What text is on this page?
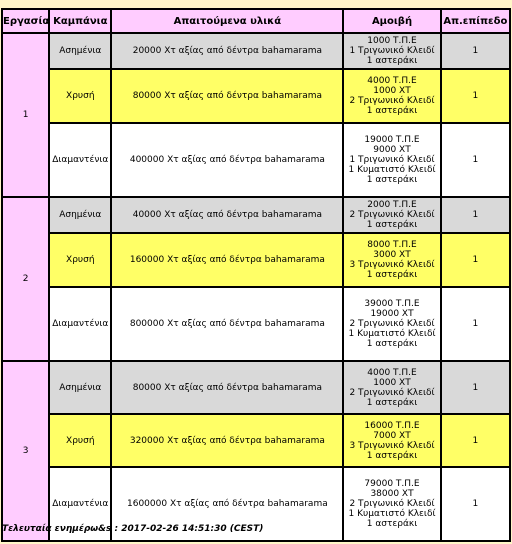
Εργασία	Καμπάνια	Απαιτούμενα υλικά	Αμοιβή	Απ.επίπεδο
1	Ασημένια	20000 Χτ αξίας από δέντρα bahamarama	1000 Τ.Π.Ε
1 Τριγωνικό Κλειδί
1 αστεράκι	1
	Χρυσή	80000 Χτ αξίας από δέντρα bahamarama	4000 Τ.Π.Ε
1000 ΧΤ
2 Τριγωνικό Κλειδί
1 αστεράκι	1
	Διαμαντένια	400000 Χτ αξίας από δέντρα bahamarama	19000 Τ.Π.Ε
9000 ΧΤ
1 Τριγωνικό Κλειδί
1 Κυματιστό Κλειδί
1 αστεράκι	1
2	Ασημένια	40000 Χτ αξίας από δέντρα bahamarama	2000 Τ.Π.Ε
2 Τριγωνικό Κλειδί
1 αστεράκι	1
	Χρυσή	160000 Χτ αξίας από δέντρα bahamarama	8000 Τ.Π.Ε
3000 ΧΤ
3 Τριγωνικό Κλειδί
1 αστεράκι	1
	Διαμαντένια	800000 Χτ αξίας από δέντρα bahamarama	39000 Τ.Π.Ε
19000 ΧΤ
2 Τριγωνικό Κλειδί
1 Κυματιστό Κλειδί
1 αστεράκι	1
3	Ασημένια	80000 Χτ αξίας από δέντρα bahamarama	4000 Τ.Π.Ε
1000 ΧΤ
2 Τριγωνικό Κλειδί
1 αστεράκι	1
	Χρυσή	320000 Χτ αξίας από δέντρα bahamarama	16000 Τ.Π.Ε
7000 ΧΤ
3 Τριγωνικό Κλειδί
1 αστεράκι	1
	Διαμαντένια	1600000 Χτ αξίας από δέντρα bahamarama	79000 Τ.Π.Ε
38000 ΧΤ
2 Τριγωνικό Κλειδί
1 Κυματιστό Κλειδί
1 αστεράκι	1
Τελευταία ενημέρω&s : 2017-02-26 14:51:30 (CEST)
